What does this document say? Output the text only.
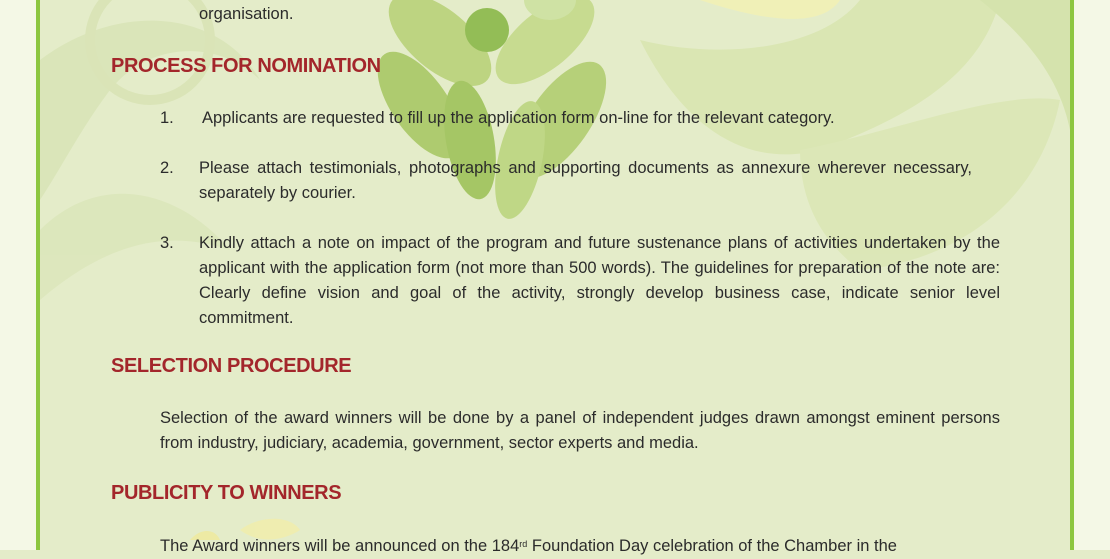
organisation.

PROCESS FOR NOMINATION
1. Applicants are requested to fill up the application form on-line for the relevant category.

2. Please attach testimonials, photographs and supporting documents as annexure wherever necessary, separately by courier.

3. Kindly attach a note on impact of the program and future sustenance plans of activities undertaken by the applicant with the application form (not more than 500 words). The guidelines for preparation of the note are: Clearly define vision and goal of the activity, strongly develop business case, indicate senior level commitment.

SELECTION PROCEDURE

Selection of the award winners will be done by a panel of independent judges drawn amongst eminent persons from industry, judiciary, academia, government, sector experts and media.

PUBLICITY TO WINNERS

The Award winners will be announced on the 184rd Foundation Day celebration of the Chamber in the
